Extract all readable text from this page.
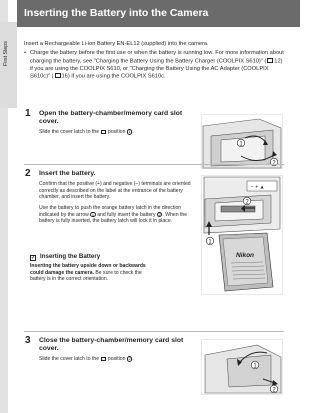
First Steps
Inserting the Battery into the Camera
Insert a Rechargeable Li-ion Battery EN-EL12 (supplied) into the camera.
• Charge the battery before the first use or when the battery is running low. For more information about charging the battery, see "Charging the Battery Using the Battery Charger (COOLPIX S610)" ( 12) if you are using the COOLPIX S610, or "Charging the Battery Using the AC Adapter (COOLPIX S610c)" ( 16) if you are using the COOLPIX S610c.
1 Open the battery-chamber/memory card slot cover.
Slide the cover latch to the position 1 .
1
2
2 Insert the battery.
Confirm that the positive (+) and negative (–) terminals are oriented correctly as described on the label at the entrance of the battery chamber, and insert the battery.
Use the battery to push the orange battery latch in the direction indicated by the arrow 1 and fully insert the battery 2 . When the battery is fully inserted, the battery latch will lock it in place.
− + ▲
2
1
Nikon
✓ Inserting the Battery
Inserting the battery upside down or backwards could damage the camera. Be sure to check the battery is in the correct orientation.
3 Close the battery-chamber/memory card slot cover.
Slide the cover latch to the position 2 .
1
2
